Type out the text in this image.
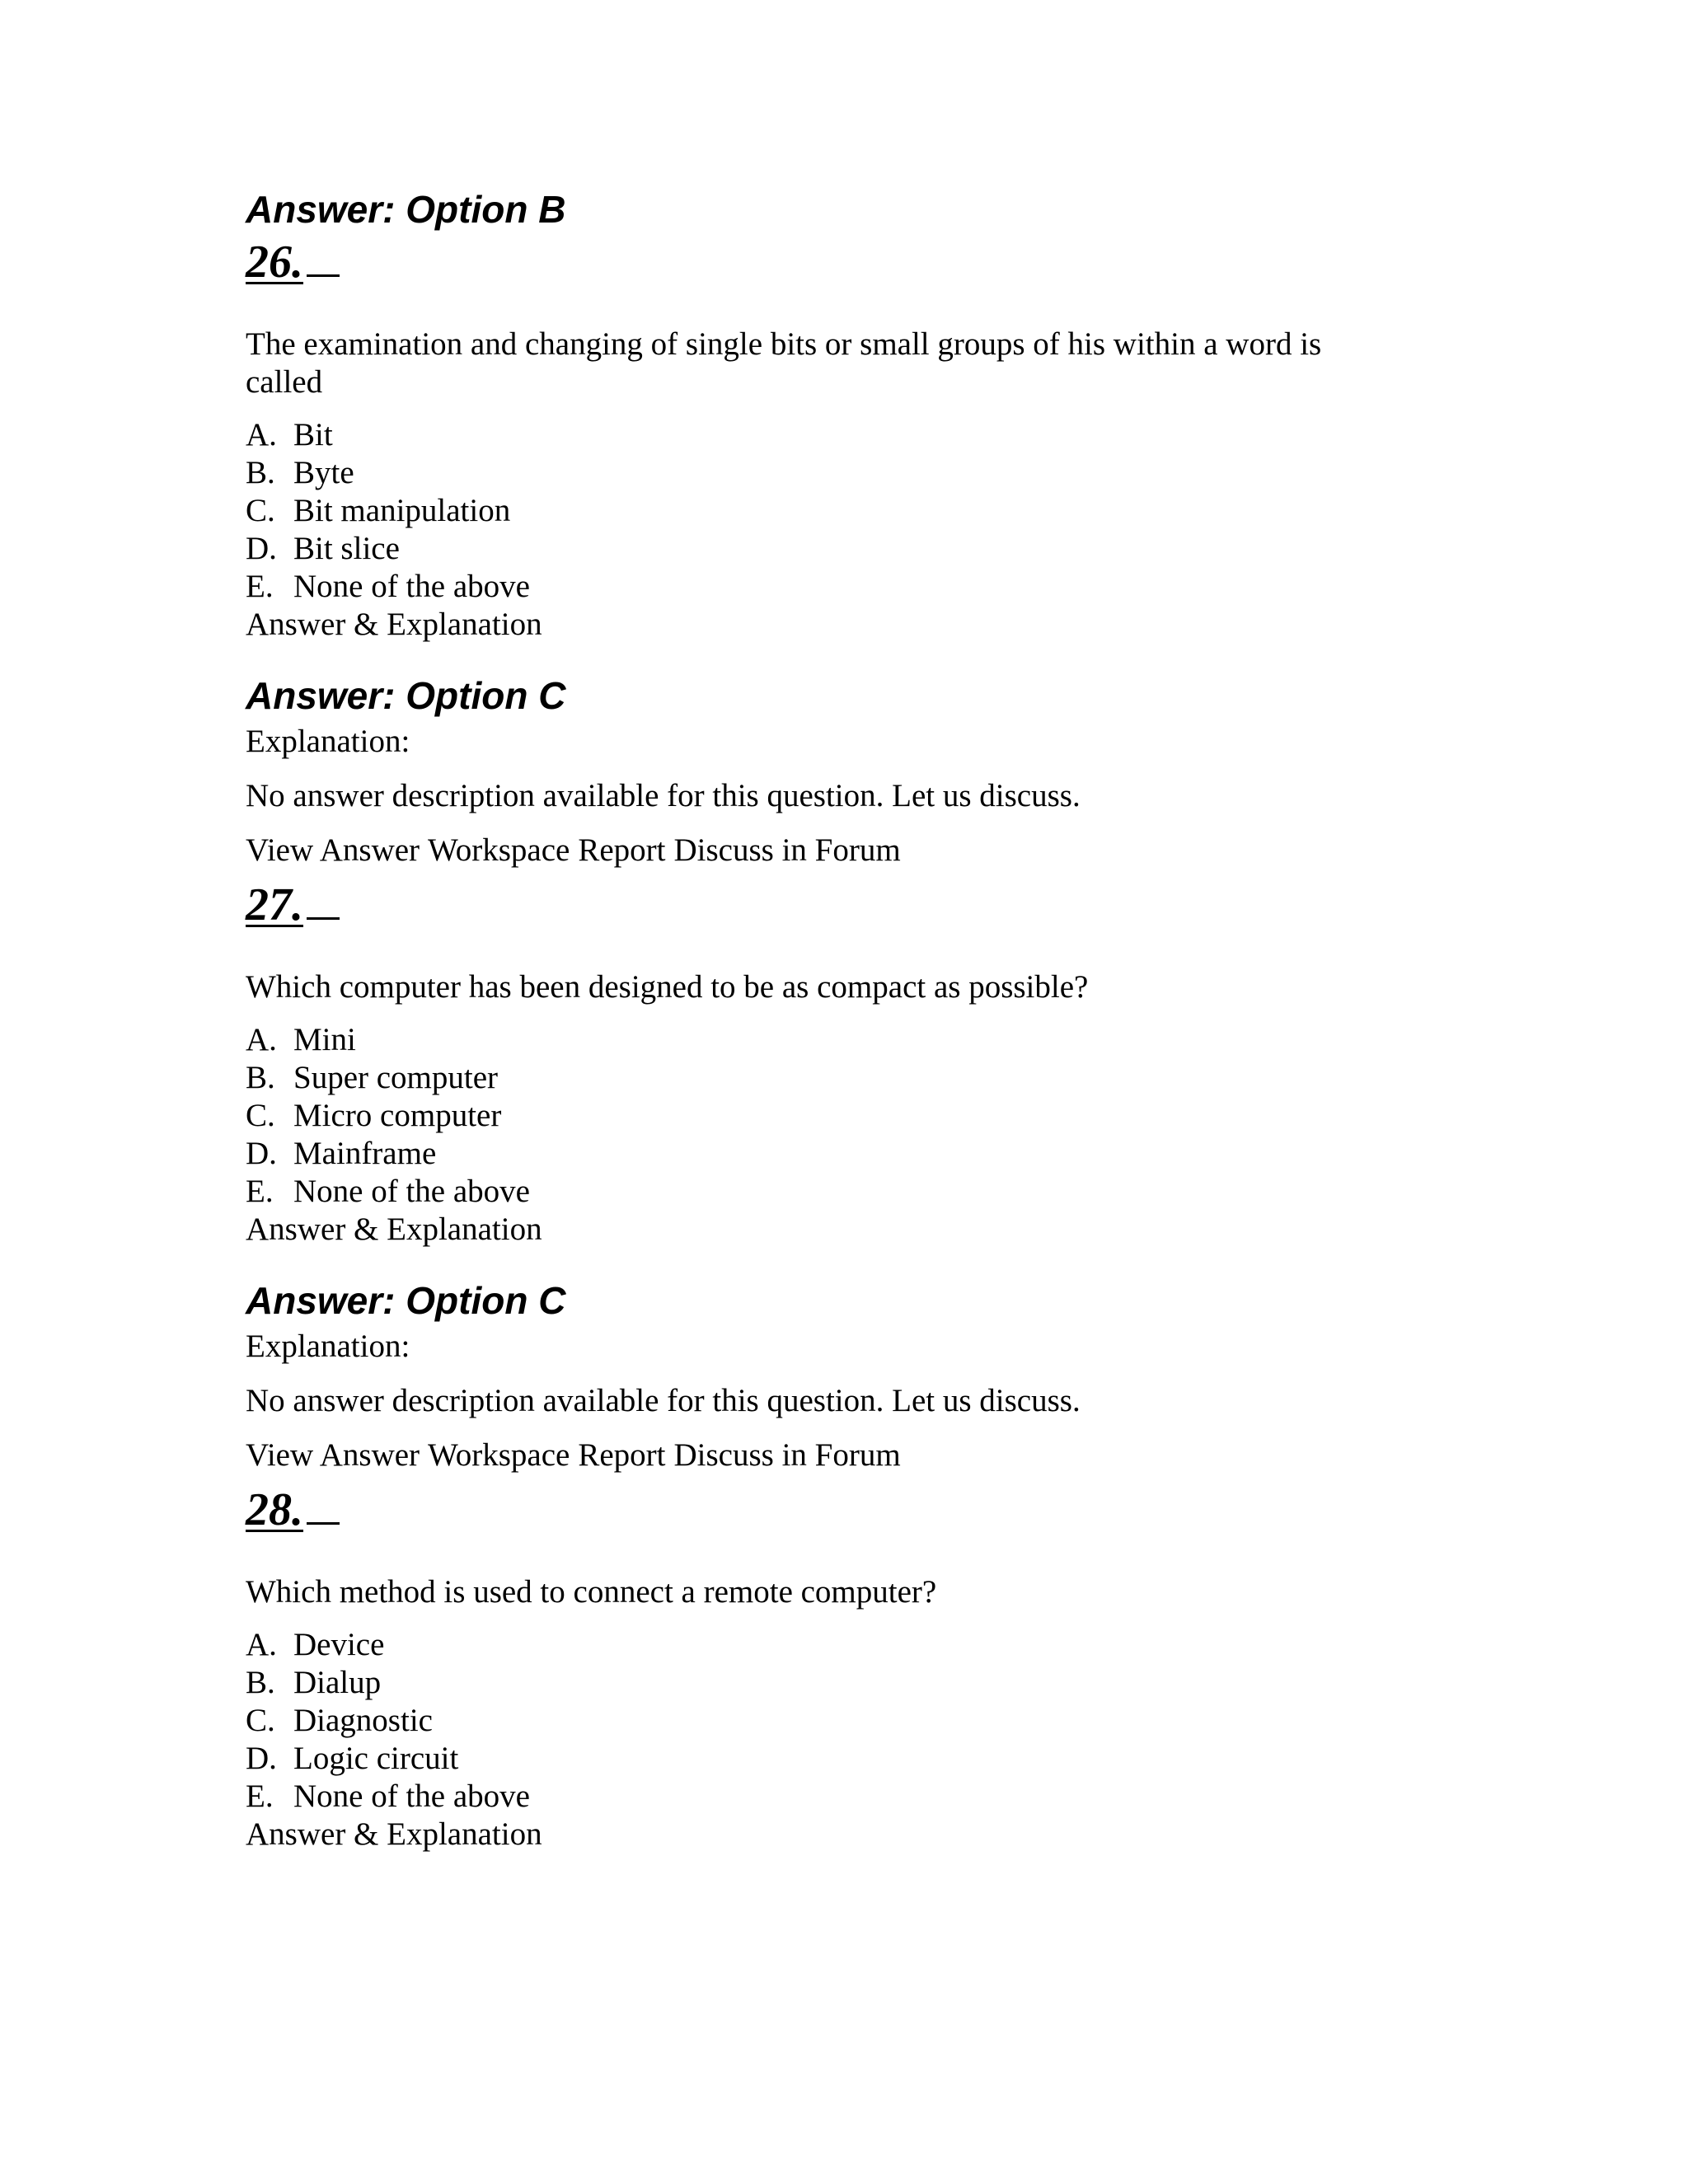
Answer: Option B

26.

The examination and changing of single bits or small groups of his within a word is
called

A. Bit
B. Byte
C. Bit manipulation
D. Bit slice
E. None of the above

Answer & Explanation

Answer: Option C

Explanation:

No answer description available for this question. Let us discuss.

View Answer Workspace Report Discuss in Forum

27.

Which computer has been designed to be as compact as possible?

A. Mini
B. Super computer
C. Micro computer
D. Mainframe
E. None of the above

Answer & Explanation

Answer: Option C

Explanation:

No answer description available for this question. Let us discuss.

View Answer Workspace Report Discuss in Forum

28.

Which method is used to connect a remote computer?

A. Device
B. Dialup
C. Diagnostic
D. Logic circuit
E. None of the above

Answer & Explanation
